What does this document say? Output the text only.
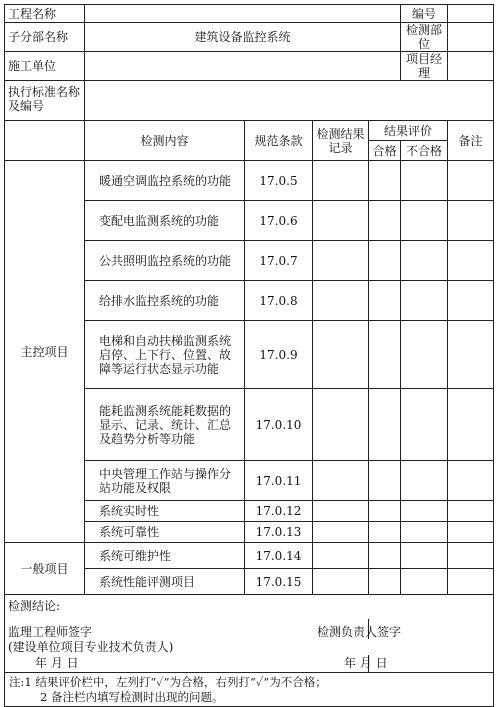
工程名称		编号	
子分部名称	建筑设备监控系统	检测部位	
施工单位		项目经理	
执行标准名称及编号	
	检测内容	规范条款	检测结果记录	结果评价	备注
合格	不合格
主控项目	暖通空调监控系统的功能	17.0.5				
变配电监测系统的功能	17.0.6				
公共照明监控系统的功能	17.0.7				
给排水监控系统的功能	17.0.8				
电梯和自动扶梯监测系统启停、上下行、位置、故障等运行状态显示功能	17.0.9				
能耗监测系统能耗数据的显示、记录、统计、汇总及趋势分析等功能	17.0.10				
中央管理工作站与操作分站功能及权限	17.0.11				
系统实时性	17.0.12				
系统可靠性	17.0.13				
一般项目	系统可维护性	17.0.14				
系统性能评测项目	17.0.15				
检测结论:
监理工程师签字	检测负责人签字
(建设单位项目专业技术负责人)
年 月 日	年 月 日

注:1 结果评价栏中，左列打“✓”为合格，右列打“✓”为不合格；
2 备注栏内填写检测时出现的问题。
